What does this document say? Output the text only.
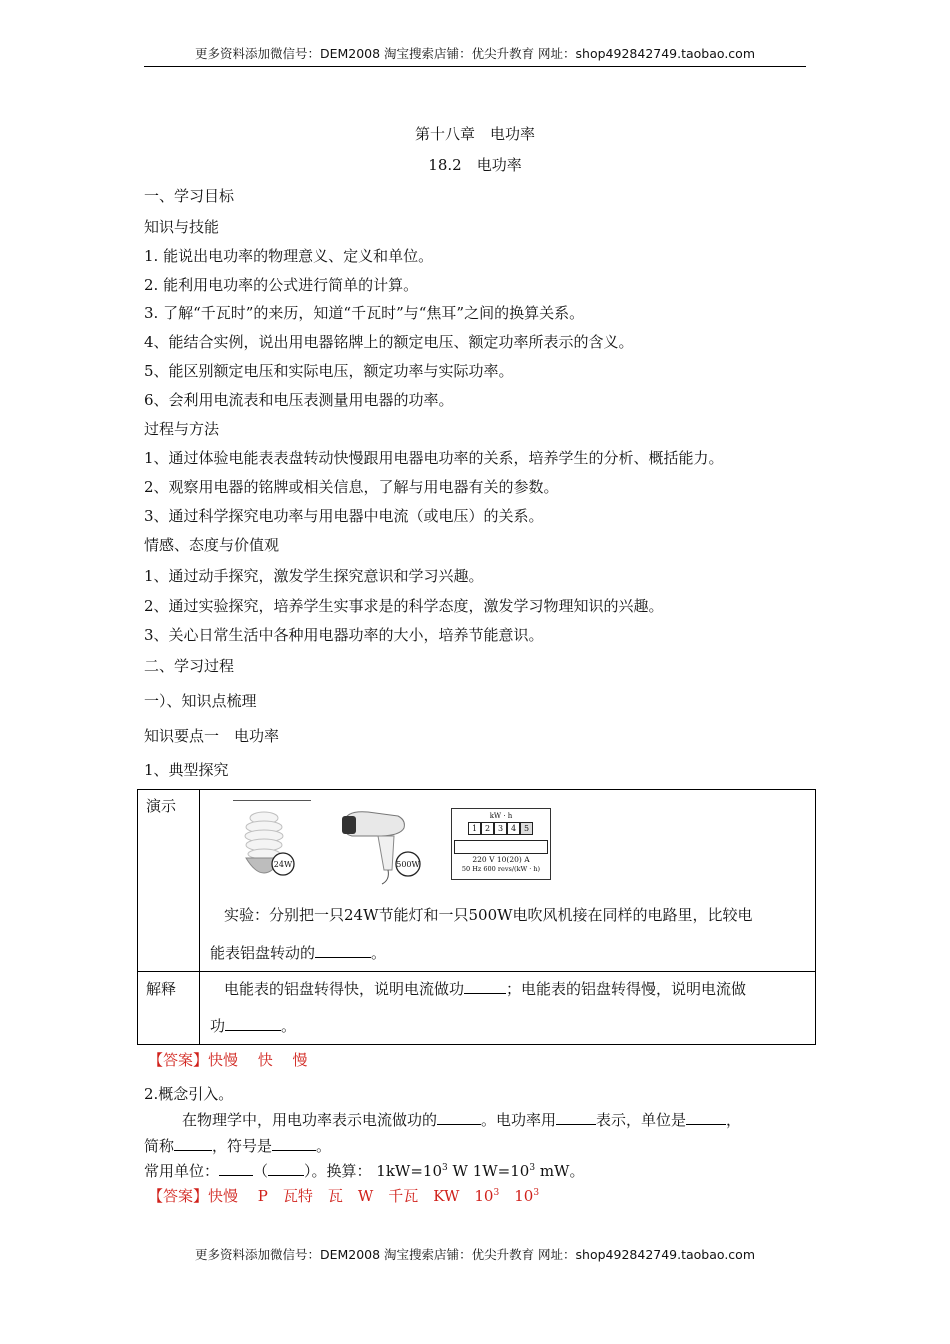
更多资料添加微信号：DEM2008 淘宝搜索店铺：优尖升教育 网址：shop492842749.taobao.com
第十八章　电功率
18.2　电功率
一、学习目标
知识与技能
1. 能说出电功率的物理意义、定义和单位。
2. 能利用电功率的公式进行简单的计算。
3. 了解“千瓦时”的来历，知道“千瓦时”与“焦耳”之间的换算关系。
4、能结合实例，说出用电器铭牌上的额定电压、额定功率所表示的含义。
5、能区别额定电压和实际电压，额定功率与实际功率。
6、会利用电流表和电压表测量用电器的功率。
过程与方法
1、通过体验电能表表盘转动快慢跟用电器电功率的关系，培养学生的分析、概括能力。
2、观察用电器的铭牌或相关信息，了解与用电器有关的参数。
3、通过科学探究电功率与用电器中电流（或电压）的关系。
情感、态度与价值观
1、通过动手探究，激发学生探究意识和学习兴趣。
2、通过实验探究，培养学生实事求是的科学态度，激发学习物理知识的兴趣。
3、关心日常生活中各种用电器功率的大小，培养节能意识。
二、学习过程
一）、知识点梳理
知识要点一　电功率
1、典型探究
演示
24W	500W
kW · h
1 2 3 4 5
220 V 10(20) A
50 Hz 600 revs/(kW · h)
实验：分别把一只24W节能灯和一只500W电吹风机接在同样的电路里，比较电
能表铝盘转动的	。
解释	电能表的铝盘转得快，说明电流做功	；电能表的铝盘转得慢，说明电流做
功	。
【答案】快慢　 快 　慢
2.概念引入。
在物理学中，用电功率表示电流做功的	。电功率用	表示，单位是	，
简称	，符号是	。
常用单位： （ ）。换算： $1kW=10^3$ W $1W=10^3$ mW。
【答案】快慢　 P　瓦特　瓦　W　千瓦　KW　$10^3$　$10^3$
更多资料添加微信号：DEM2008 淘宝搜索店铺：优尖升教育 网址：shop492842749.taobao.com
